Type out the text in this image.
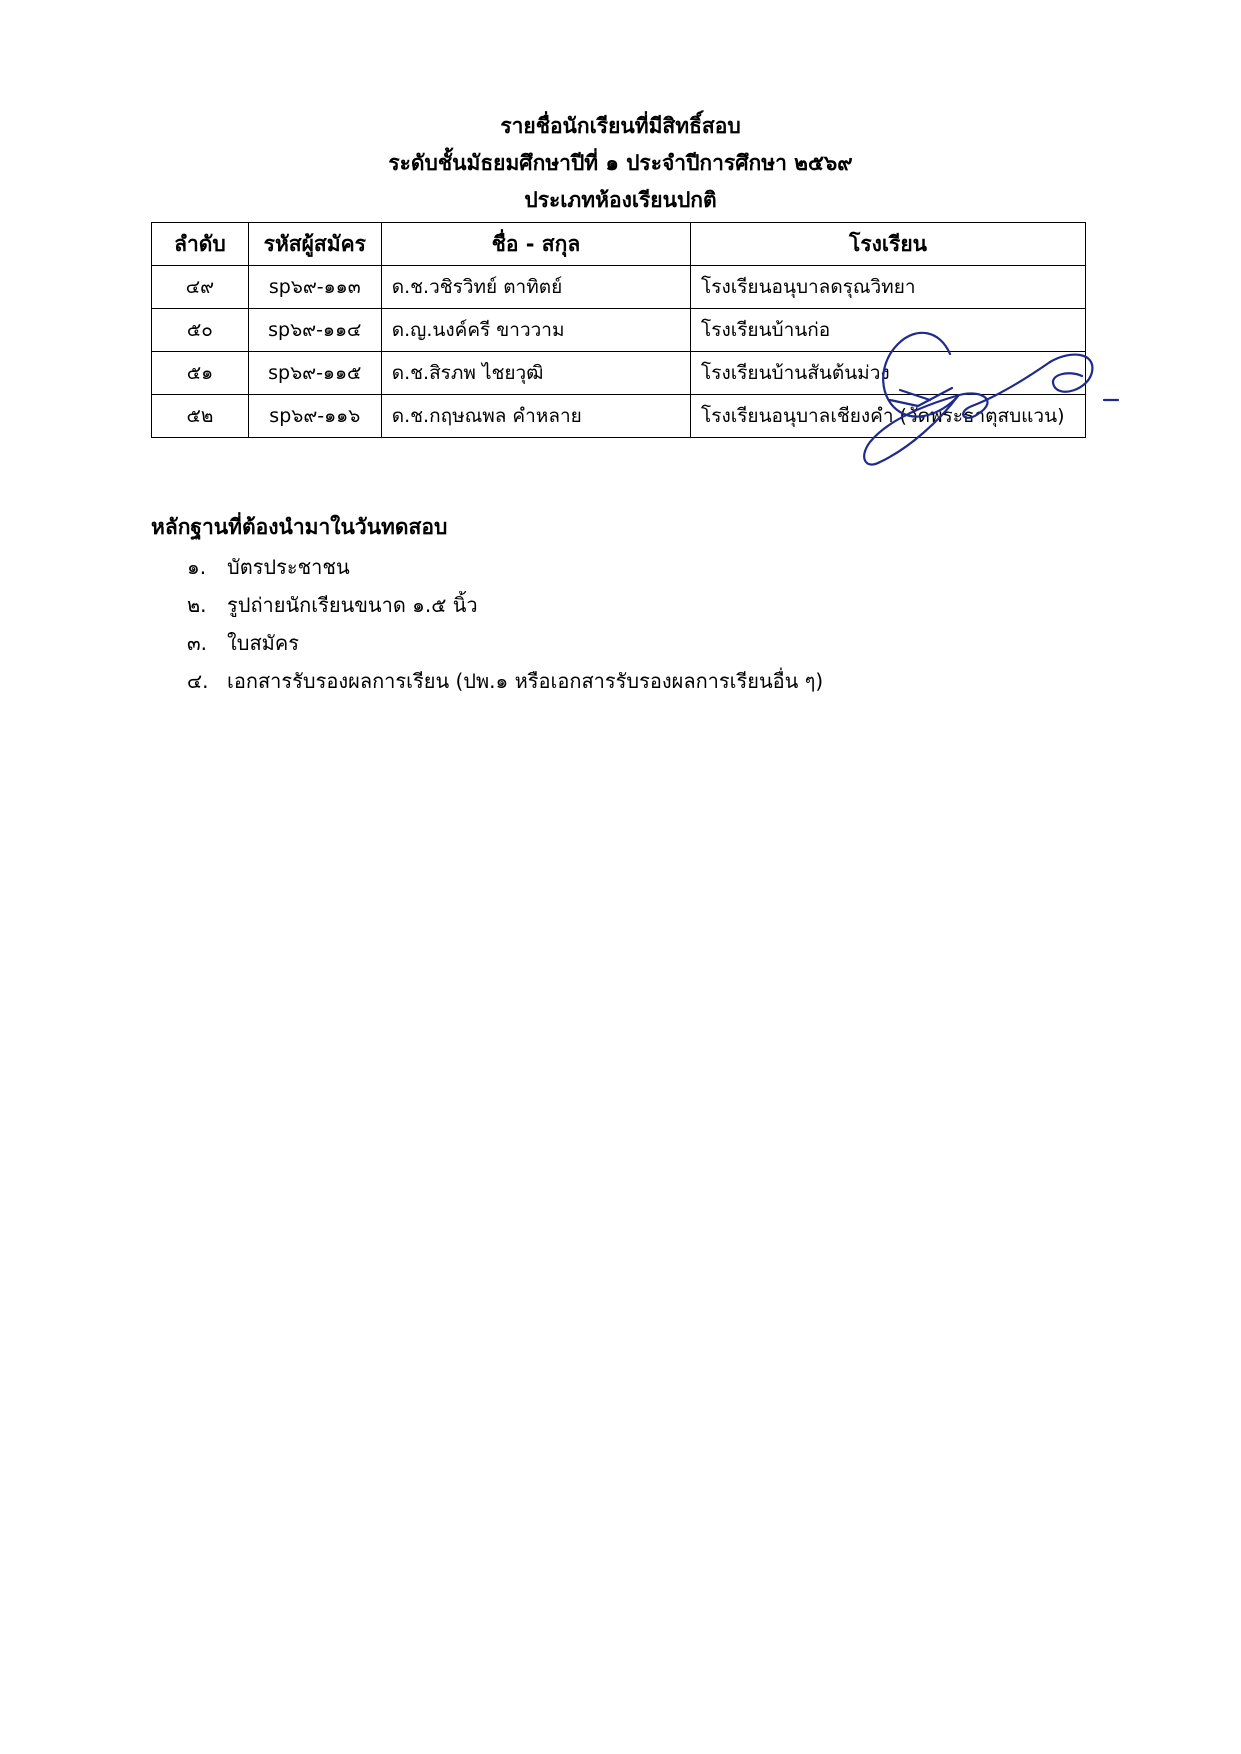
รายชื่อนักเรียนที่มีสิทธิ์สอบ
ระดับชั้นมัธยมศึกษาปีที่ ๑ ประจำปีการศึกษา ๒๕๖๙
ประเภทห้องเรียนปกติ
ลำดับ	รหัสผู้สมัคร	ชื่อ - สกุล	โรงเรียน
๔๙	sp๖๙-๑๑๓	ด.ช.วชิรวิทย์ ตาทิตย์	โรงเรียนอนุบาลดรุณวิทยา
๕๐	sp๖๙-๑๑๔	ด.ญ.นงค์ครี ขาววาม	โรงเรียนบ้านก่อ
๕๑	sp๖๙-๑๑๕	ด.ช.สิรภพ ไชยวุฒิ	โรงเรียนบ้านสันต้นม่วง
๕๒	sp๖๙-๑๑๖	ด.ช.กฤษณพล คำหลาย	โรงเรียนอนุบาลเชียงคำ (วัดพระธาตุสบแวน)
หลักฐานที่ต้องนำมาในวันทดสอบ
๑. บัตรประชาชน
๒. รูปถ่ายนักเรียนขนาด ๑.๕ นิ้ว
๓. ใบสมัคร
๔. เอกสารรับรองผลการเรียน (ปพ.๑ หรือเอกสารรับรองผลการเรียนอื่น ๆ)
